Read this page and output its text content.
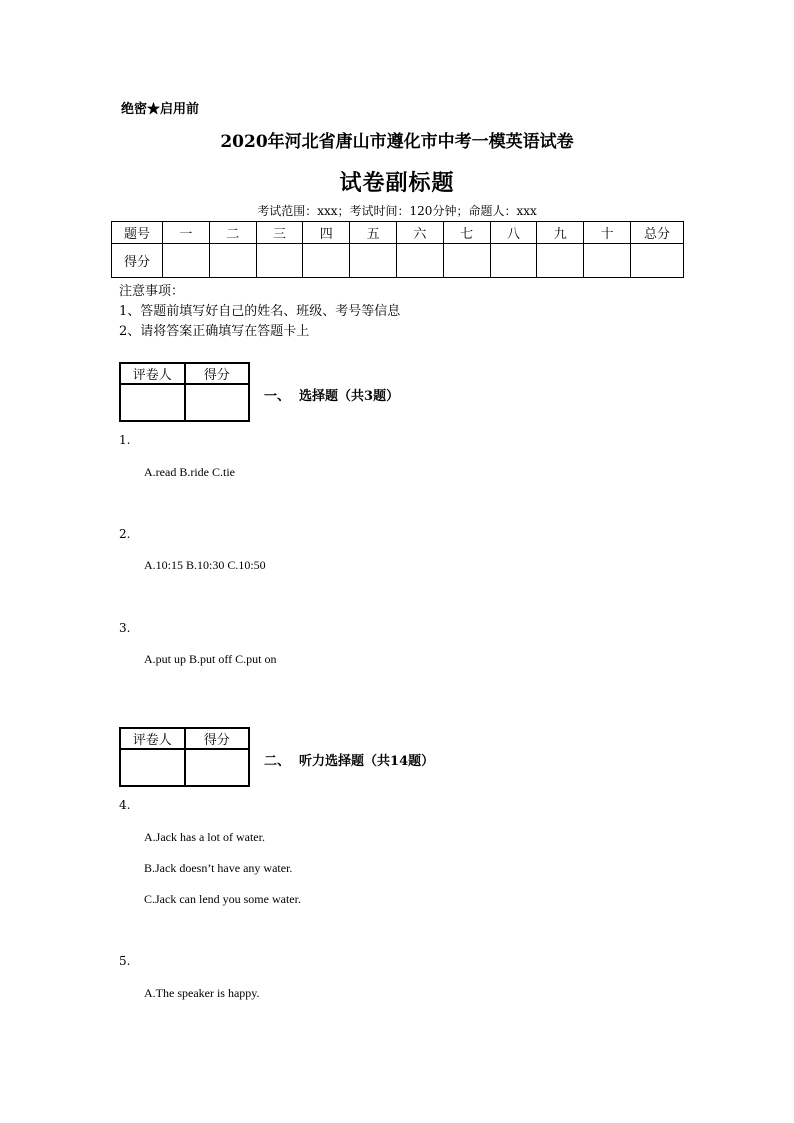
绝密★启用前
2020年河北省唐山市遵化市中考一模英语试卷
试卷副标题
考试范围：xxx；考试时间：120分钟；命题人：xxx
题号	一	二	三	四	五	六	七	八	九	十	总分
得分											
注意事项：
1、答题前填写好自己的姓名、班级、考号等信息
2、请将答案正确填写在答题卡上
评卷人	得分

一、  选择题（共3题）
1.
A.read B.ride C.tie
2.
A.10:15 B.10:30 C.10:50
3.
A.put up B.put off C.put on
评卷人	得分

二、  听力选择题（共14题）
4.
A.Jack has a lot of water.
B.Jack doesn’t have any water.
C.Jack can lend you some water.
5.
A.The speaker is happy.
